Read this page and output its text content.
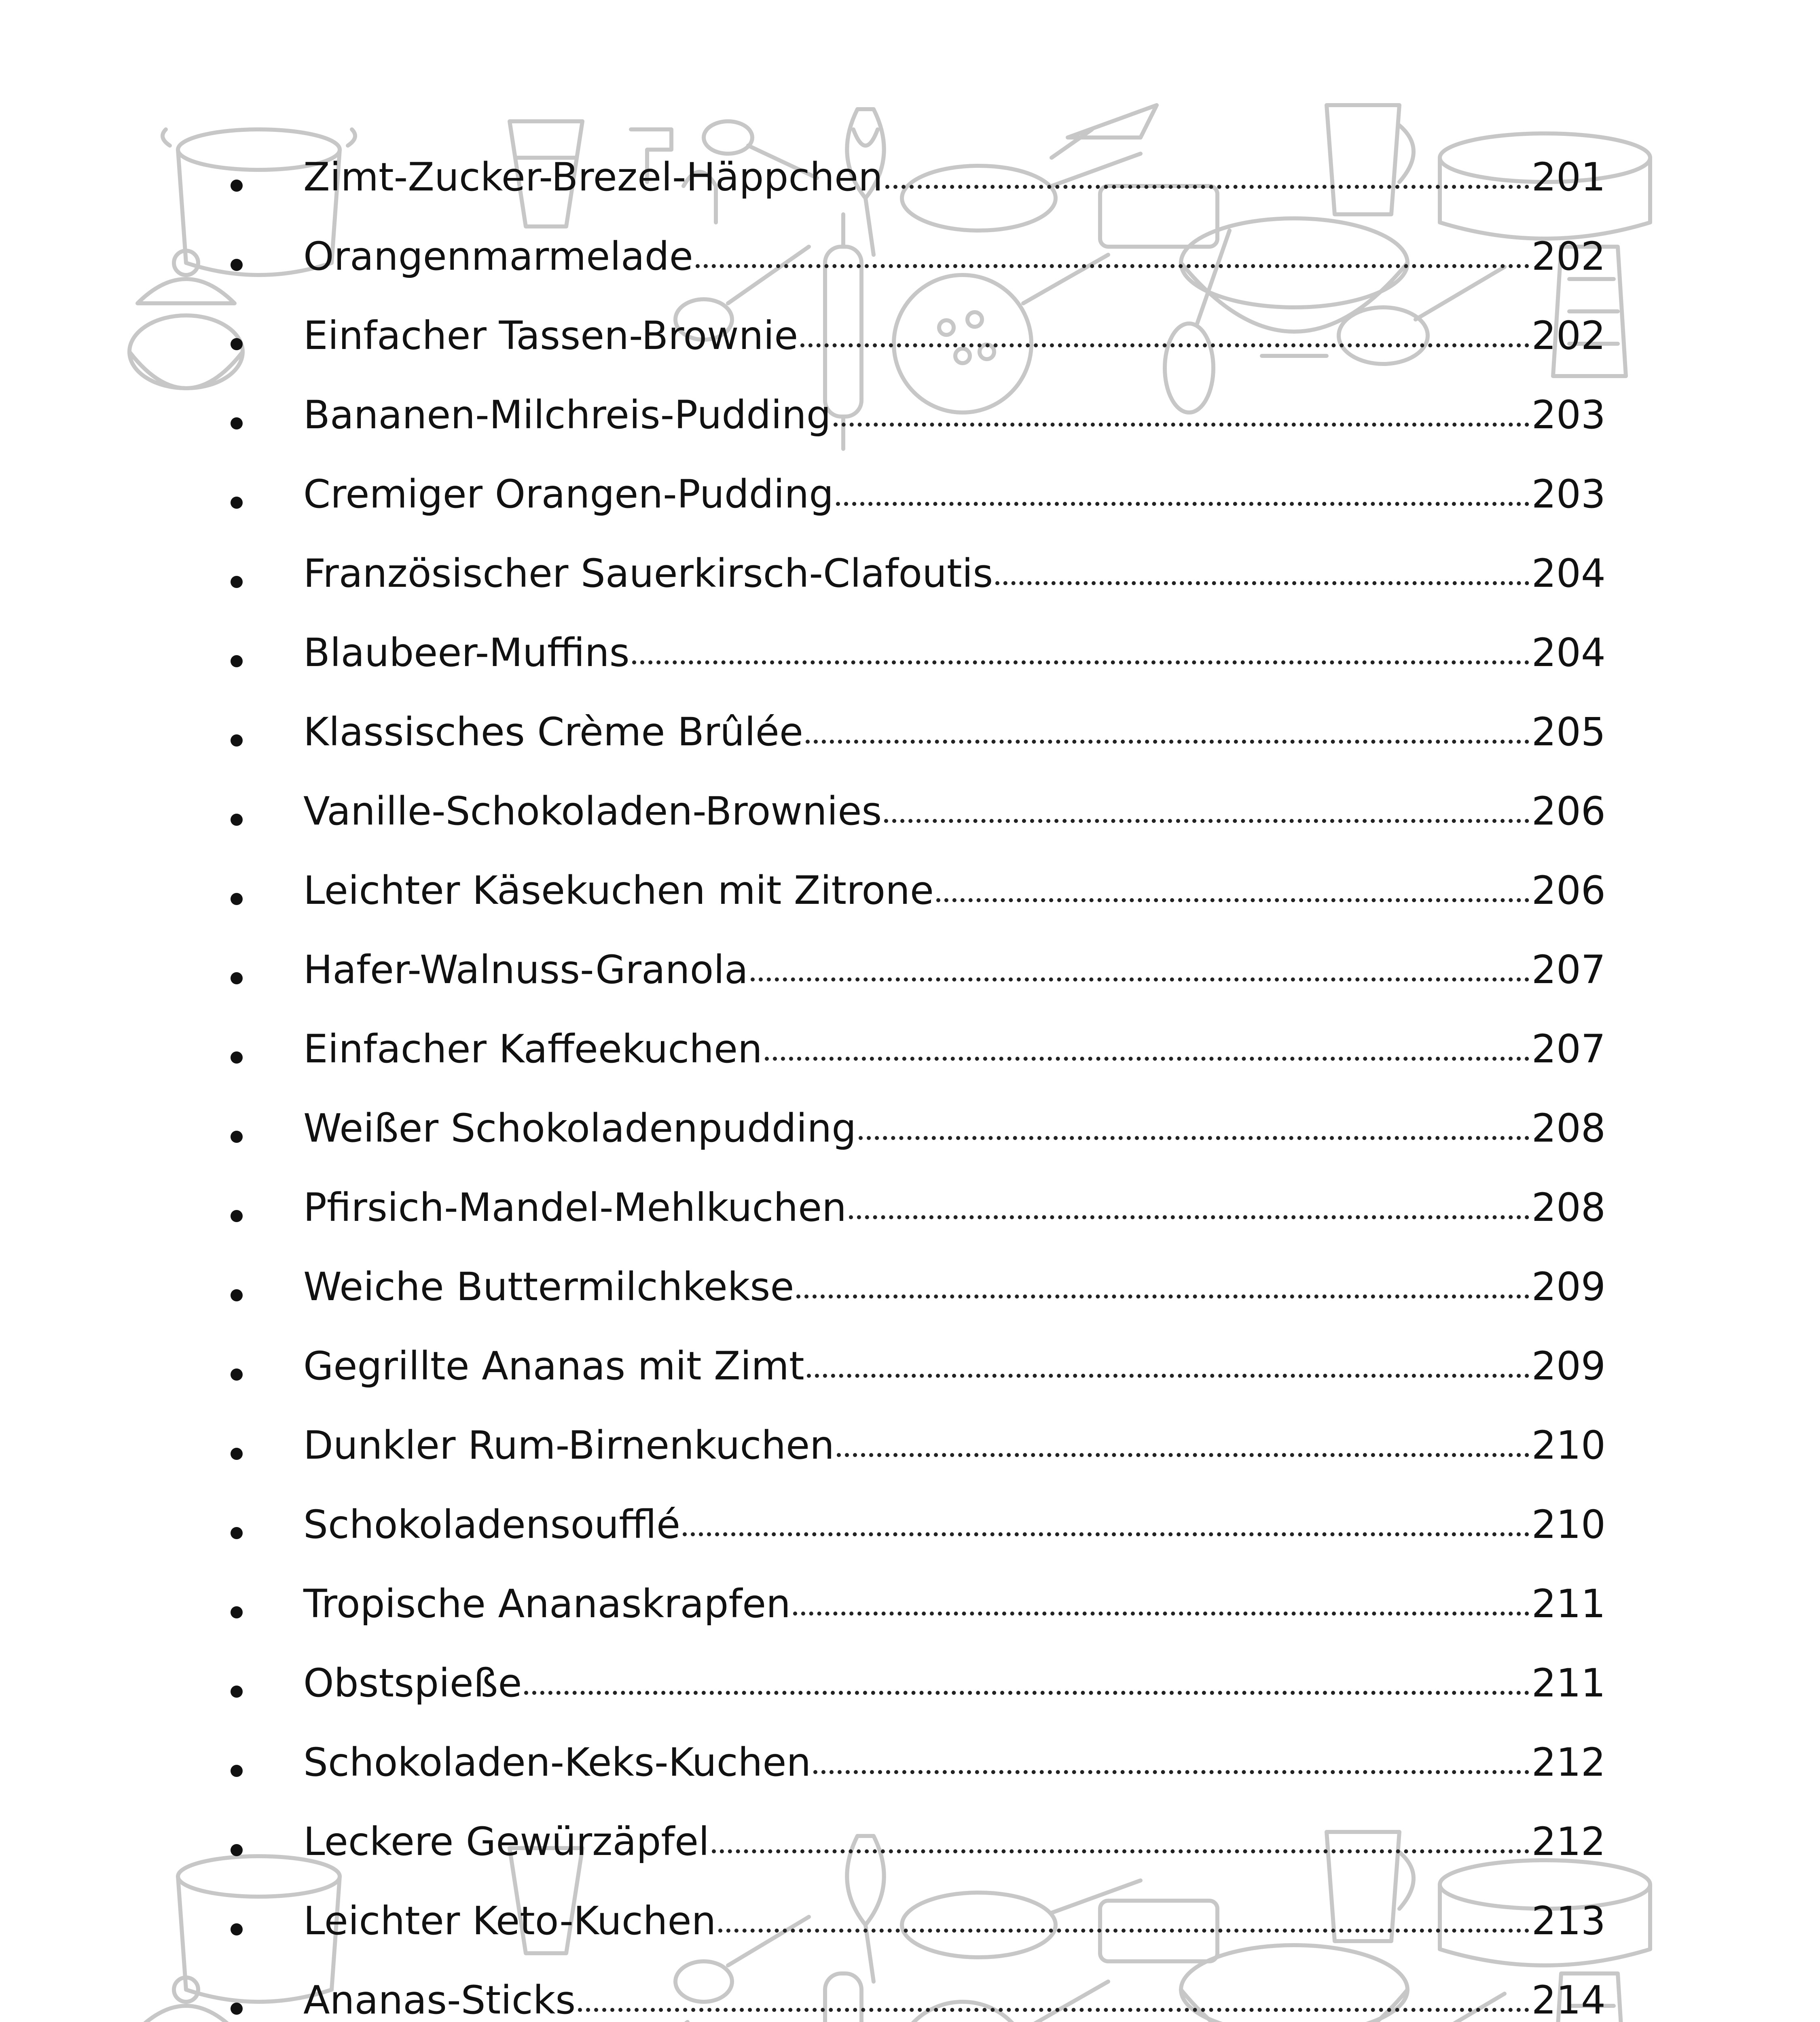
Zimt-Zucker-Brezel-Häppchen	201
Orangenmarmelade	202
Einfacher Tassen-Brownie	202
Bananen-Milchreis-Pudding	203
Cremiger Orangen-Pudding	203
Französischer Sauerkirsch-Clafoutis	204
Blaubeer-Muffins	204
Klassisches Crème Brûlée	205
Vanille-Schokoladen-Brownies	206
Leichter Käsekuchen mit Zitrone	206
Hafer-Walnuss-Granola	207
Einfacher Kaffeekuchen	207
Weißer Schokoladenpudding	208
Pfirsich-Mandel-Mehlkuchen	208
Weiche Buttermilchkekse	209
Gegrillte Ananas mit Zimt	209
Dunkler Rum-Birnenkuchen	210
Schokoladensoufflé	210
Tropische Ananaskrapfen	211
Obstspieße	211
Schokoladen-Keks-Kuchen	212
Leckere Gewürzäpfel	212
Leichter Keto-Kuchen	213
Ananas-Sticks	214
